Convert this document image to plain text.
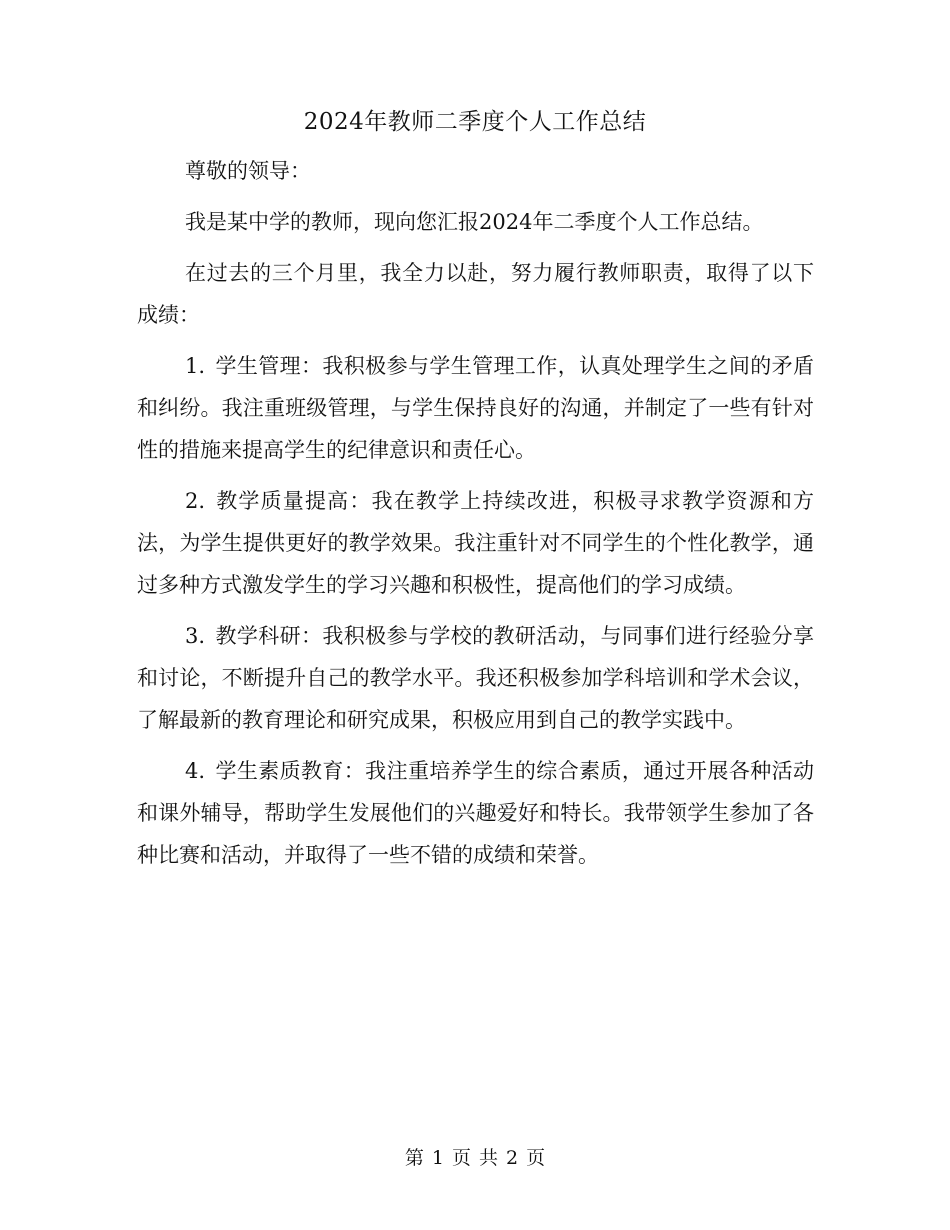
2024年教师二季度个人工作总结

尊敬的领导：

我是某中学的教师，现向您汇报2024年二季度个人工作总结。

在过去的三个月里，我全力以赴，努力履行教师职责，取得了以下成绩：

1. 学生管理：我积极参与学生管理工作，认真处理学生之间的矛盾和纠纷。我注重班级管理，与学生保持良好的沟通，并制定了一些有针对性的措施来提高学生的纪律意识和责任心。

2. 教学质量提高：我在教学上持续改进，积极寻求教学资源和方法，为学生提供更好的教学效果。我注重针对不同学生的个性化教学，通过多种方式激发学生的学习兴趣和积极性，提高他们的学习成绩。

3. 教学科研：我积极参与学校的教研活动，与同事们进行经验分享和讨论，不断提升自己的教学水平。我还积极参加学科培训和学术会议，了解最新的教育理论和研究成果，积极应用到自己的教学实践中。

4. 学生素质教育：我注重培养学生的综合素质，通过开展各种活动和课外辅导，帮助学生发展他们的兴趣爱好和特长。我带领学生参加了各种比赛和活动，并取得了一些不错的成绩和荣誉。

第 1 页 共 2 页
